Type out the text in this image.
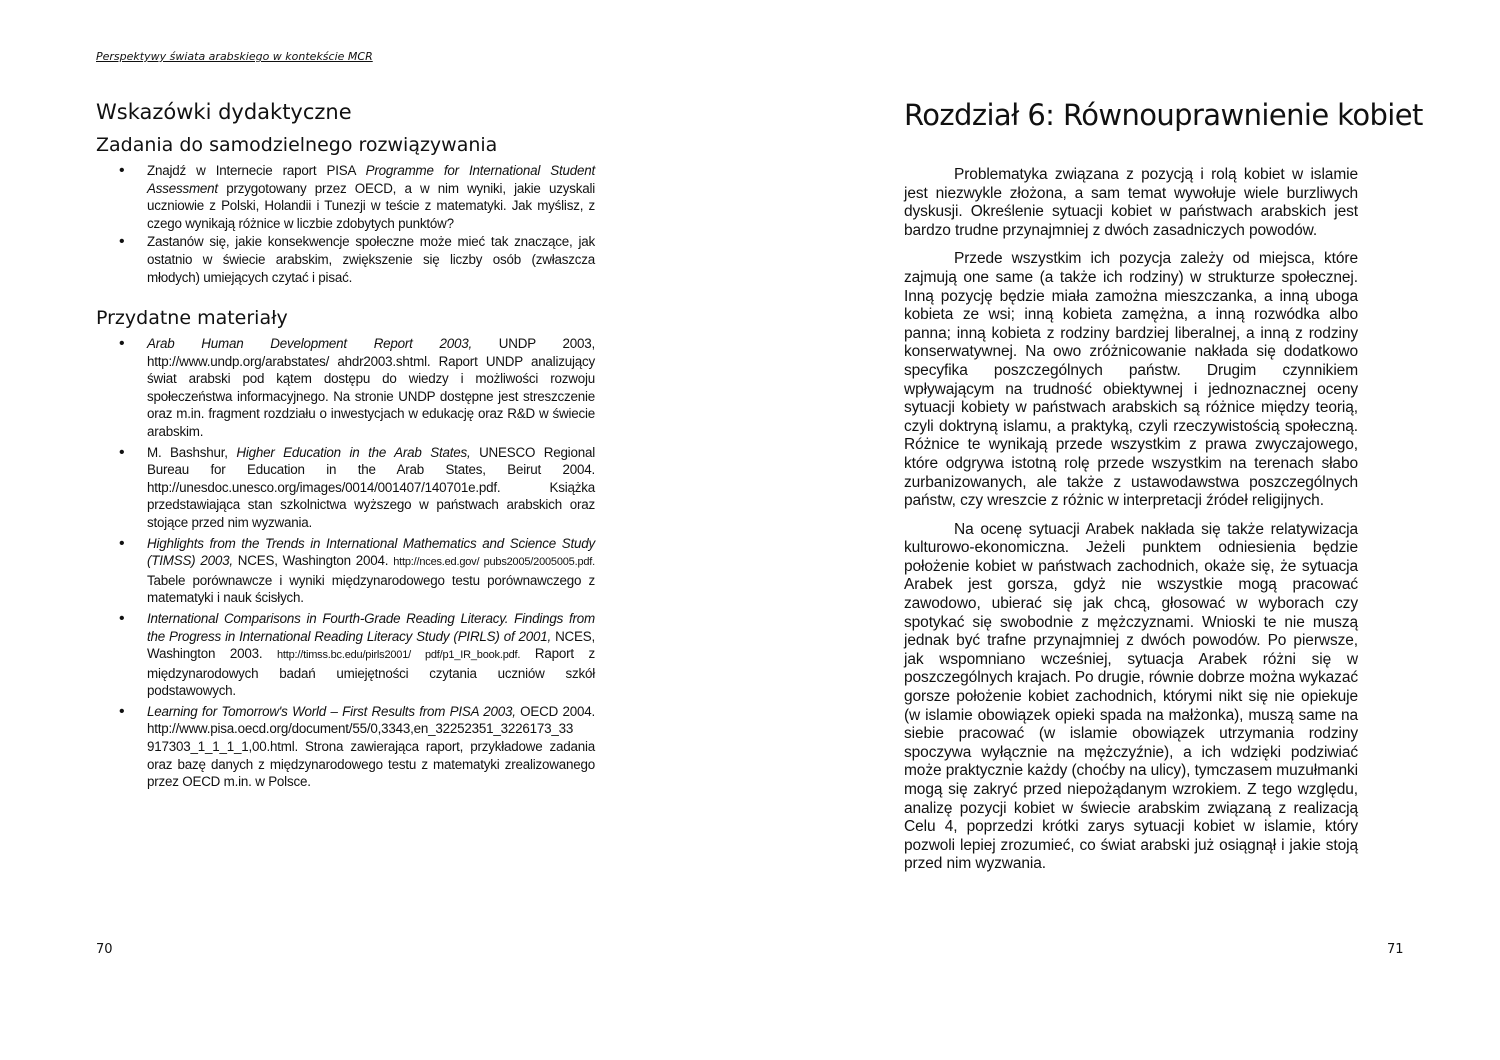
Perspektywy świata arabskiego w kontekście MCR
Wskazówki dydaktyczne
Zadania do samodzielnego rozwiązywania
• Znajdź w Internecie raport PISA Programme for International Student Assessment przygotowany przez OECD, a w nim wyniki, jakie uzyskali uczniowie z Polski, Holandii i Tunezji w teście z matematyki. Jak myślisz, z czego wynikają różnice w liczbie zdobytych punktów?
• Zastanów się, jakie konsekwencje społeczne może mieć tak znaczące, jak ostatnio w świecie arabskim, zwiększenie się liczby osób (zwłaszcza młodych) umiejących czytać i pisać.
Przydatne materiały
• Arab Human Development Report 2003, UNDP 2003, http://www.undp.org/arabstates/ ahdr2003.shtml. Raport UNDP analizujący świat arabski pod kątem dostępu do wiedzy i możliwości rozwoju społeczeństwa informacyjnego. Na stronie UNDP dostępne jest streszczenie oraz m.in. fragment rozdziału o inwestycjach w edukację oraz R&D w świecie arabskim.
• M. Bashshur, Higher Education in the Arab States, UNESCO Regional Bureau for Education in the Arab States, Beirut 2004. http://unesdoc.unesco.org/images/0014/001407/140701e.pdf. Książka przedstawiająca stan szkolnictwa wyższego w państwach arabskich oraz stojące przed nim wyzwania.
• Highlights from the Trends in International Mathematics and Science Study (TIMSS) 2003, NCES, Washington 2004. http://nces.ed.gov/ pubs2005/2005005.pdf. Tabele porównawcze i wyniki międzynarodowego testu porównawczego z matematyki i nauk ścisłych.
• International Comparisons in Fourth-Grade Reading Literacy. Findings from the Progress in International Reading Literacy Study (PIRLS) of 2001, NCES, Washington 2003. http://timss.bc.edu/pirls2001/ pdf/p1_IR_book.pdf. Raport z międzynarodowych badań umiejętności czytania uczniów szkół podstawowych.
• Learning for Tomorrow's World – First Results from PISA 2003, OECD 2004. http://www.pisa.oecd.org/document/55/0,3343,en_32252351_3226173_33 917303_1_1_1_1,00.html. Strona zawierająca raport, przykładowe zadania oraz bazę danych z międzynarodowego testu z matematyki zrealizowanego przez OECD m.in. w Polsce.
70
Rozdział 6: Równouprawnienie kobiet

Problematyka związana z pozycją i rolą kobiet w islamie jest niezwykle złożona, a sam temat wywołuje wiele burzliwych dyskusji. Określenie sytuacji kobiet w państwach arabskich jest bardzo trudne przynajmniej z dwóch zasadniczych powodów.

Przede wszystkim ich pozycja zależy od miejsca, które zajmują one same (a także ich rodziny) w strukturze społecznej. Inną pozycję będzie miała zamożna mieszczanka, a inną uboga kobieta ze wsi; inną kobieta zamężna, a inną rozwódka albo panna; inną kobieta z rodziny bardziej liberalnej, a inną z rodziny konserwatywnej. Na owo zróżnicowanie nakłada się dodatkowo specyfika poszczególnych państw. Drugim czynnikiem wpływającym na trudność obiektywnej i jednoznacznej oceny sytuacji kobiety w państwach arabskich są różnice między teorią, czyli doktryną islamu, a praktyką, czyli rzeczywistością społeczną. Różnice te wynikają przede wszystkim z prawa zwyczajowego, które odgrywa istotną rolę przede wszystkim na terenach słabo zurbanizowanych, ale także z ustawodawstwa poszczególnych państw, czy wreszcie z różnic w interpretacji źródeł religijnych.

Na ocenę sytuacji Arabek nakłada się także relatywizacja kulturowo-ekonomiczna. Jeżeli punktem odniesienia będzie położenie kobiet w państwach zachodnich, okaże się, że sytuacja Arabek jest gorsza, gdyż nie wszystkie mogą pracować zawodowo, ubierać się jak chcą, głosować w wyborach czy spotykać się swobodnie z mężczyznami. Wnioski te nie muszą jednak być trafne przynajmniej z dwóch powodów. Po pierwsze, jak wspomniano wcześniej, sytuacja Arabek różni się w poszczególnych krajach. Po drugie, równie dobrze można wykazać gorsze położenie kobiet zachodnich, którymi nikt się nie opiekuje (w islamie obowiązek opieki spada na małżonka), muszą same na siebie pracować (w islamie obowiązek utrzymania rodziny spoczywa wyłącznie na mężczyźnie), a ich wdzięki podziwiać może praktycznie każdy (choćby na ulicy), tymczasem muzułmanki mogą się zakryć przed niepożądanym wzrokiem. Z tego względu, analizę pozycji kobiet w świecie arabskim związaną z realizacją Celu 4, poprzedzi krótki zarys sytuacji kobiet w islamie, który pozwoli lepiej zrozumieć, co świat arabski już osiągnął i jakie stoją przed nim wyzwania.

71
